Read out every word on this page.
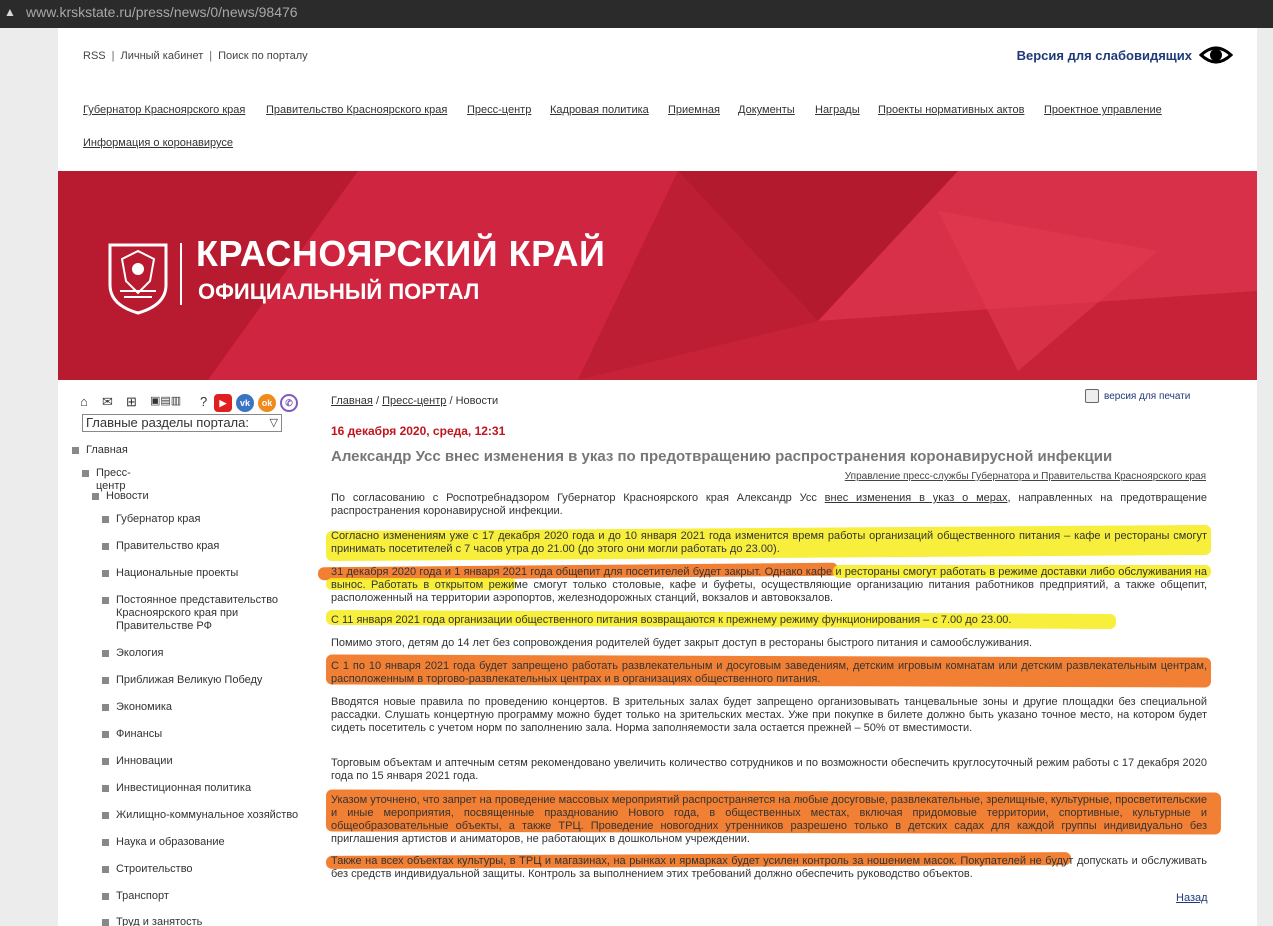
▲ www.krskstate.ru/press/news/0/news/98476
RSS | Личный кабинет | Поиск по порталу	Версия для слабовидящих
Губернатор Красноярского края Правительство Красноярского края Пресс-центр Кадровая политика Приемная Документы Награды Проекты нормативных актов Проектное управление
Информация о коронавирусе
КРАСНОЯРСКИЙ КРАЙ
ОФИЦИАЛЬНЫЙ ПОРТАЛ
⌂ ✉ ⊞ ▣▤▥ ?	▶	vk	ok	✆
Главные разделы портала: ▽
Главная
Пресс-центр
Новости
Губернатор края
Правительство края
Национальные проекты
Постоянное представительство Красноярского края при Правительстве РФ
Экология
Приближая Великую Победу
Экономика
Финансы
Инновации
Инвестиционная политика
Жилищно-коммунальное хозяйство
Наука и образование
Строительство
Транспорт
Труд и занятость
Главная / Пресс-центр / Новости	версия для печати
16 декабря 2020, среда, 12:31
Александр Усс внес изменения в указ по предотвращению распространения коронавирусной инфекции
Управление пресс-службы Губернатора и Правительства Красноярского края
По согласованию с Роспотребнадзором Губернатор Красноярского края Александр Усс внес изменения в указ о мерах, направленных на предотвращение распространения коронавирусной инфекции.
Согласно изменениям уже с 17 декабря 2020 года и до 10 января 2021 года изменится время работы организаций общественного питания – кафе и рестораны смогут принимать посетителей с 7 часов утра до 21.00 (до этого они могли работать до 23.00).
31 декабря 2020 года и 1 января 2021 года общепит для посетителей будет закрыт. Однако кафе и рестораны смогут работать в режиме доставки либо обслуживания на вынос. Работать в открытом режиме смогут только столовые, кафе и буфеты, осуществляющие организацию питания работников предприятий, а также общепит, расположенный на территории аэропортов, железнодорожных станций, вокзалов и автовокзалов.
С 11 января 2021 года организации общественного питания возвращаются к прежнему режиму функционирования – с 7.00 до 23.00.
Помимо этого, детям до 14 лет без сопровождения родителей будет закрыт доступ в рестораны быстрого питания и самообслуживания.
С 1 по 10 января 2021 года будет запрещено работать развлекательным и досуговым заведениям, детским игровым комнатам или детским развлекательным центрам, расположенным в торгово-развлекательных центрах и в организациях общественного питания.
Вводятся новые правила по проведению концертов. В зрительных залах будет запрещено организовывать танцевальные зоны и другие площадки без специальной рассадки. Слушать концертную программу можно будет только на зрительских местах. Уже при покупке в билете должно быть указано точное место, на котором будет сидеть посетитель с учетом норм по заполнению зала. Норма заполняемости зала остается прежней – 50% от вместимости.
Торговым объектам и аптечным сетям рекомендовано увеличить количество сотрудников и по возможности обеспечить круглосуточный режим работы с 17 декабря 2020 года по 15 января 2021 года.
Указом уточнено, что запрет на проведение массовых мероприятий распространяется на любые досуговые, развлекательные, зрелищные, культурные, просветительские и иные мероприятия, посвященные празднованию Нового года, в общественных местах, включая придомовые территории, спортивные, культурные и общеобразовательные объекты, а также ТРЦ. Проведение новогодних утренников разрешено только в детских садах для каждой группы индивидуально без приглашения артистов и аниматоров, не работающих в дошкольном учреждении.
Также на всех объектах культуры, в ТРЦ и магазинах, на рынках и ярмарках будет усилен контроль за ношением масок. Покупателей не будут допускать и обслуживать без средств индивидуальной защиты. Контроль за выполнением этих требований должно обеспечить руководство объектов.
Назад
